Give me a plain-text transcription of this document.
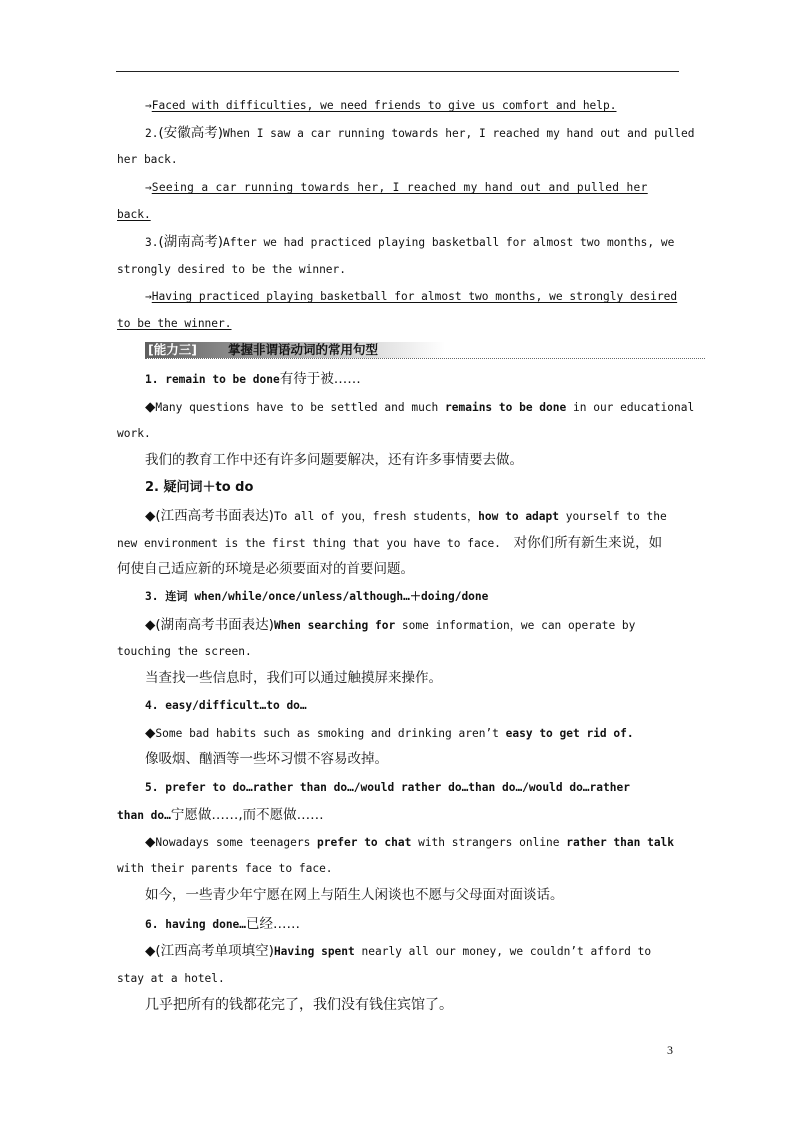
→Faced with difficulties, we need friends to give us comfort and help.
2.(安徽高考)When I saw a car running towards her, I reached my hand out and pulled
her back.
→Seeing a car running towards her, I reached my hand out and pulled her
back.
3.(湖南高考)After we had practiced playing basketball for almost two months, we
strongly desired to be the winner.
→Having practiced playing basketball for almost two months, we strongly desired
to be the winner.
[能力三] 掌握非谓语动词的常用句型
1. remain to be done有待于被……
◆Many questions have to be settled and much remains to be done in our educational
work.
我们的教育工作中还有许多问题要解决，还有许多事情要去做。
2. 疑问词＋to do
◆(江西高考书面表达)To all of you，fresh students，how to adapt yourself to the
new environment is the first thing that you have to face. 对你们所有新生来说，如
何使自己适应新的环境是必须要面对的首要问题。
3. 连词 when/while/once/unless/although…＋doing/done
◆(湖南高考书面表达)When searching for some information，we can operate by
touching the screen.
当查找一些信息时，我们可以通过触摸屏来操作。
4. easy/difficult…to do…
◆Some bad habits such as smoking and drinking aren’t easy to get rid of.
像吸烟、酗酒等一些坏习惯不容易改掉。
5. prefer to do…rather than do…/would rather do…than do…/would do…rather
than do…宁愿做……,而不愿做……
◆Nowadays some teenagers prefer to chat with strangers online rather than talk
with their parents face to face.
如今，一些青少年宁愿在网上与陌生人闲谈也不愿与父母面对面谈话。
6. having done…已经……
◆(江西高考单项填空)Having spent nearly all our money, we couldn’t afford to
stay at a hotel.
几乎把所有的钱都花完了，我们没有钱住宾馆了。
3
